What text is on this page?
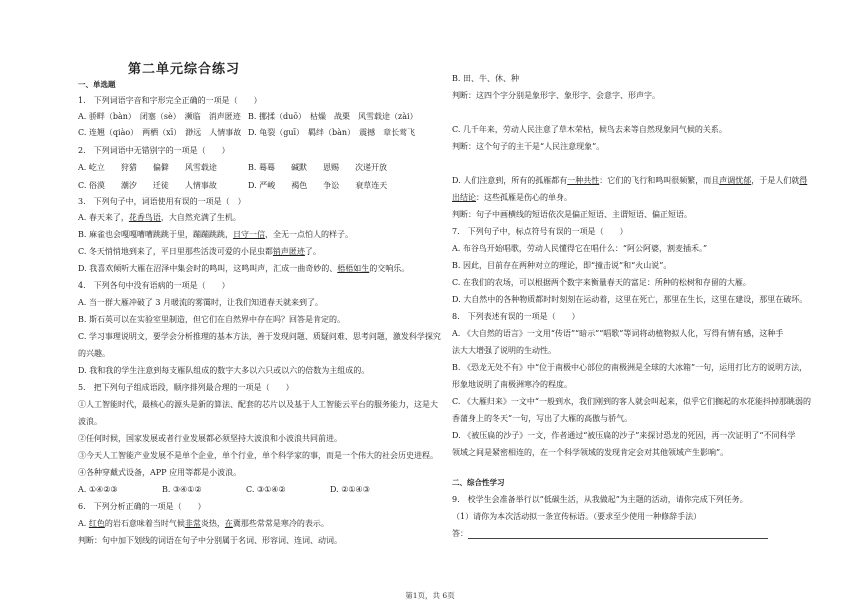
第二单元综合练习
一、单选题
1.　下列词语字音和字形完全正确的一项是（　　）
A. 骄畔（bàn）　闭塞（sè）　濒临　消声匿迹 B. 挪揉（duō）　枯燥　战栗　风雪载途（zài）
C. 连翘（qiào）　两栖（xī）　渺远　人情事故 D. 龟裂（guī）　羁绊（bàn）　震撼　章长莺飞
2.　下列词语中无错别字的一项是（　　）
A. 屹立　　狩猎　　偏僻　　风雪载途	B. 蓦蓦　　碱默　　恩赐　　次递开放
C. 俗漠　　潮汐　　迁徒　　人情事故	D. 严峻　　褐色　　争讼　　衰草连天
3.　下列句子中，词语使用有误的一项是（　）
A. 春天来了，花香鸟语，大自然充满了生机。
B. 麻雀也会嘎嘎嘈嘈跳跳于里，蹦蹦跳跳，日守一信，全无一点怕人的样子。
C. 冬天悄悄地到来了，平日里那些活泼可爱的小昆虫都销声匿迹了。
D. 我喜欢倾听大雁在沼泽中集会时的鸣叫，这鸣叫声，汇成一曲奇妙的、梧梧如生的交响乐。
4.　下列各句中没有语病的一项是（　　）
A. 当一群大雁冲破了 3 月暖流的雾霭时，让我们知道春天就来到了。
B. 斯石英可以在实验室里制造，但它们在自然界中存在吗？回答是肯定的。
C. 学习事理说明文，要学会分析推理的基本方法，善于发现问题、质疑问难、思考问题，激发科学探究
的兴趣。
D. 我和我的学生注意到每支雁队组成的数字大多以六只或以六的倍数为主组成的。
5.　把下列句子组成语段，顺序排列最合理的一项是（　　）
①人工智能时代，最核心的源头是新的算法、配套的芯片以及基于人工智能云平台的服务能力，这是大
波浪。
②任何时候，国家发展或者行业发展都必须坚持大波浪和小波浪共同前进。
③今天人工智能产业发展不是单个企业，单个行业，单个科学家的事，而是一个伟大的社会历史进程。
④各种穿戴式设备，APP 应用等都是小波浪。
A. ①④②③	B. ③④①②	C. ③①④②	D. ②①④③
6.　下列分析正确的一项是（　　）
A. 红色的岩石意味着当时气候非常炎热，在冀那些常常是寒冷的表示。
判断：句中加下划线的词语在句子中分别属于名词、形容词、连词、动词。
B. 田、牛、休、种
判断：这四个字分别是象形字、象形字、会意字、形声字。
C. 几千年来，劳动人民注意了草木荣枯，候鸟去来等自然现象同气候的关系。
判断：这个句子的主干是“人民注意现象”。
D. 人们注意到，所有的孤雁都有一种共性：它们的飞行和鸣叫很频繁，而且声调忧郁，于是人们就得
出结论：这些孤雁是伤心的单身。
判断：句子中画横线的短语依次是偏正短语、主谓短语、偏正短语。
7.　下列句子中，标点符号有误的一项是（　　）
A. 布谷鸟开始唱歌，劳动人民懂得它在唱什么：“阿公阿婆，割麦插禾。”
B. 因此，目前存在两种对立的理论，即“撞击说”和“火山说”。
C. 在我们的农场，可以根据两个数字来衡量春天的富足：所种的松树和存留的大雁。
D. 大自然中的各种物质都时时刻刻在运动着，这里在死亡，那里在生长，这里在建设，那里在破坏。
8.　下列表述有误的一项是（　　）
A. 《大自然的语言》一文用“传语”“暗示”“唱歌”等词将动植物拟人化，写得有情有感，这种手
法大大增强了说明的生动性。
B. 《恐龙无处不有》中“位于南极中心部位的南极洲是全球的大冰箱”一句，运用打比方的说明方法，
形象地说明了南极洲寒冷的程度。
C. 《大雁归来》一文中“一般到水，我们刚到的客人就会叫起来，似乎它们搁起的水花能抖掉那眺弱的
香蒲身上的冬天”一句，写出了大雁的高傲与骄气。
D. 《被压扁的沙子》一文，作者通过“被压扁的沙子”来探讨恐龙的死因，再一次证明了“不同科学
领域之间是紧密相连的，在一个科学领域的发现肯定会对其他领域产生影响”。
二、综合性学习
9.　校学生会准备举行以“低碳生活，从我做起”为主题的活动，请你完成下列任务。
（1）请你为本次活动拟一条宣传标语。（要求至少使用一种修辞手法）
答：
第1页，共 6页
